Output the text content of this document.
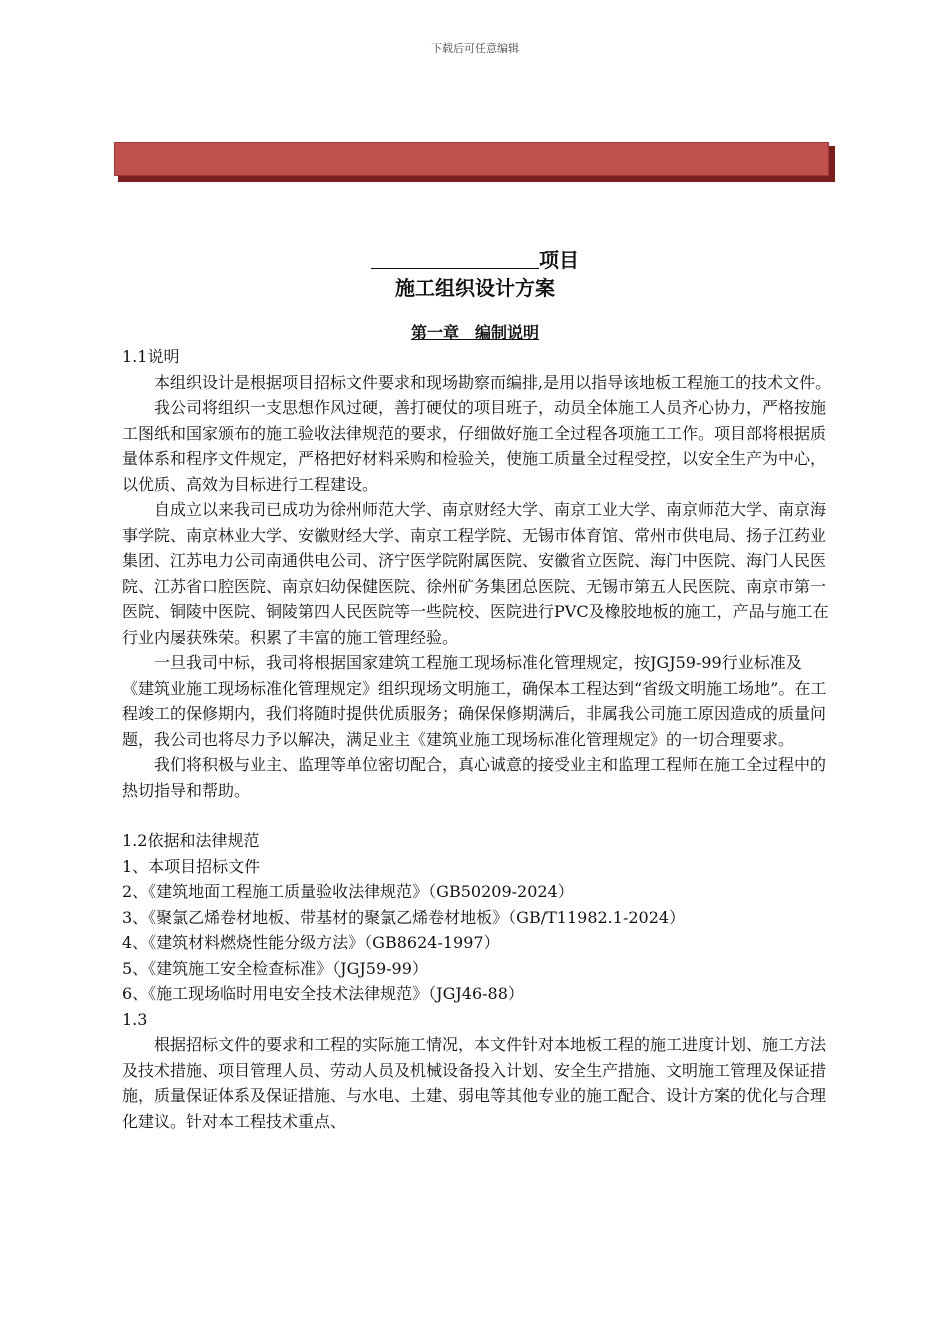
下载后可任意编辑
项目
施工组织设计方案
第一章　编制说明

1.1说明

本组织设计是根据项目招标文件要求和现场勘察而编排,是用以指导该地板工程施工的技术文件。

我公司将组织一支思想作风过硬，善打硬仗的项目班子，动员全体施工人员齐心协力，严格按施工图纸和国家颁布的施工验收法律规范的要求，仔细做好施工全过程各项施工工作。项目部将根据质量体系和程序文件规定，严格把好材料采购和检验关，使施工质量全过程受控，以安全生产为中心，以优质、高效为目标进行工程建设。

自成立以来我司已成功为徐州师范大学、南京财经大学、南京工业大学、南京师范大学、南京海事学院、南京林业大学、安徽财经大学、南京工程学院、无锡市体育馆、常州市供电局、扬子江药业集团、江苏电力公司南通供电公司、济宁医学院附属医院、安徽省立医院、海门中医院、海门人民医院、江苏省口腔医院、南京妇幼保健医院、徐州矿务集团总医院、无锡市第五人民医院、南京市第一医院、铜陵中医院、铜陵第四人民医院等一些院校、医院进行PVC及橡胶地板的施工，产品与施工在行业内屡获殊荣。积累了丰富的施工管理经验。

一旦我司中标，我司将根据国家建筑工程施工现场标准化管理规定，按JGJ59-99行业标准及《建筑业施工现场标准化管理规定》组织现场文明施工，确保本工程达到“省级文明施工场地”。在工程竣工的保修期内，我们将随时提供优质服务；确保保修期满后，非属我公司施工原因造成的质量问题，我公司也将尽力予以解决，满足业主《建筑业施工现场标准化管理规定》的一切合理要求。

我们将积极与业主、监理等单位密切配合，真心诚意的接受业主和监理工程师在施工全过程中的热切指导和帮助。

1.2依据和法律规范

1、本项目招标文件

2、《建筑地面工程施工质量验收法律规范》（GB50209-2024）

3、《聚氯乙烯卷材地板、带基材的聚氯乙烯卷材地板》（GB/T11982.1-2024）

4、《建筑材料燃烧性能分级方法》（GB8624-1997）

5、《建筑施工安全检查标准》（JGJ59-99）

6、《施工现场临时用电安全技术法律规范》（JGJ46-88）

1.3

根据招标文件的要求和工程的实际施工情况，本文件针对本地板工程的施工进度计划、施工方法及技术措施、项目管理人员、劳动人员及机械设备投入计划、安全生产措施、文明施工管理及保证措施，质量保证体系及保证措施、与水电、土建、弱电等其他专业的施工配合、设计方案的优化与合理化建议。针对本工程技术重点、
